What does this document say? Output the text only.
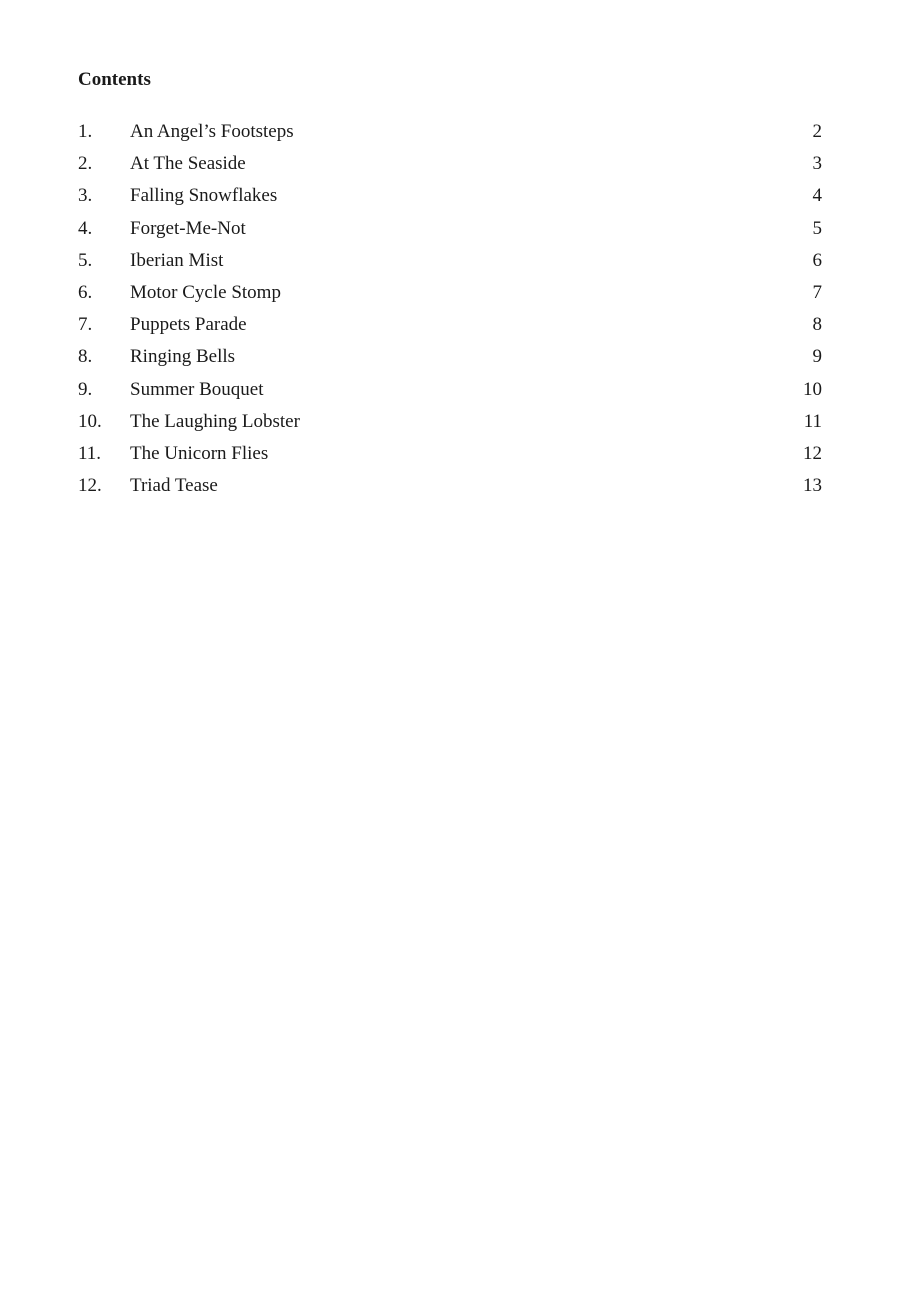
Contents
1. An Angel’s Footsteps	2
2. At The Seaside	3
3. Falling Snowflakes	4
4. Forget-Me-Not	5
5. Iberian Mist	6
6. Motor Cycle Stomp	7
7. Puppets Parade	8
8. Ringing Bells	9
9. Summer Bouquet	10
10. The Laughing Lobster	11
11. The Unicorn Flies	12
12. Triad Tease	13
